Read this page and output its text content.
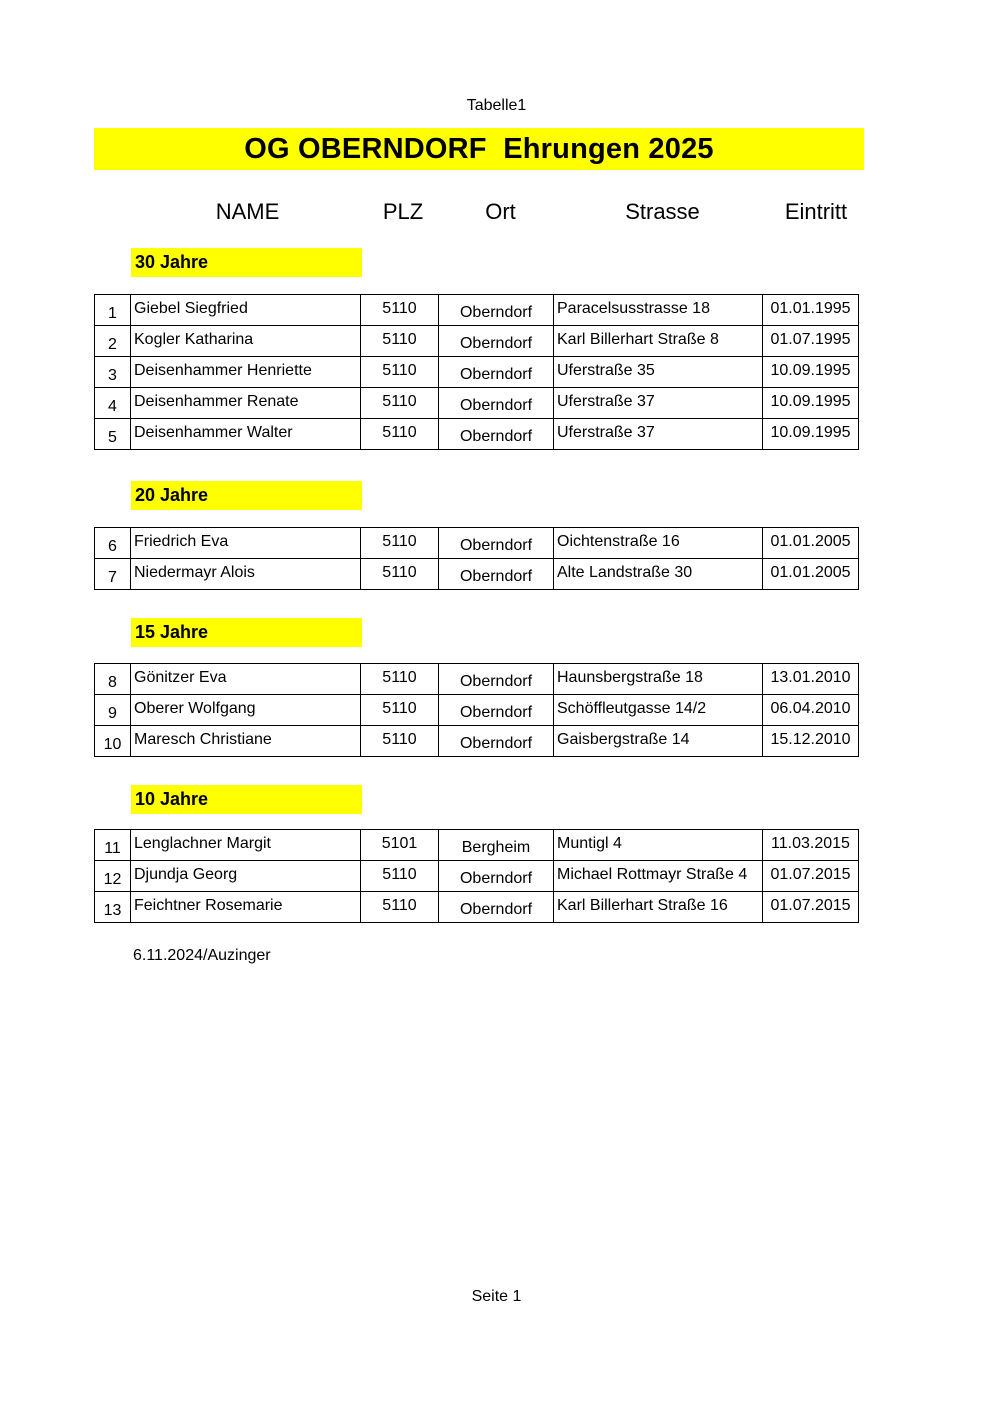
Tabelle1
OG OBERNDORF  Ehrungen 2025
NAME	PLZ	Ort	Strasse	Eintritt
30 Jahre
1	Giebel Siegfried	5110	Oberndorf	Paracelsusstrasse 18	01.01.1995
2	Kogler Katharina	5110	Oberndorf	Karl Billerhart Straße 8	01.07.1995
3	Deisenhammer Henriette	5110	Oberndorf	Uferstraße 35	10.09.1995
4	Deisenhammer Renate	5110	Oberndorf	Uferstraße 37	10.09.1995
5	Deisenhammer Walter	5110	Oberndorf	Uferstraße 37	10.09.1995
20 Jahre
6	Friedrich Eva	5110	Oberndorf	Oichtenstraße 16	01.01.2005
7	Niedermayr Alois	5110	Oberndorf	Alte Landstraße 30	01.01.2005
15 Jahre
8	Gönitzer Eva	5110	Oberndorf	Haunsbergstraße 18	13.01.2010
9	Oberer Wolfgang	5110	Oberndorf	Schöffleutgasse 14/2	06.04.2010
10	Maresch Christiane	5110	Oberndorf	Gaisbergstraße 14	15.12.2010
10 Jahre
11	Lenglachner Margit	5101	Bergheim	Muntigl 4	11.03.2015
12	Djundja Georg	5110	Oberndorf	Michael Rottmayr Straße 4	01.07.2015
13	Feichtner Rosemarie	5110	Oberndorf	Karl Billerhart Straße 16	01.07.2015
6.11.2024/Auzinger
Seite 1
